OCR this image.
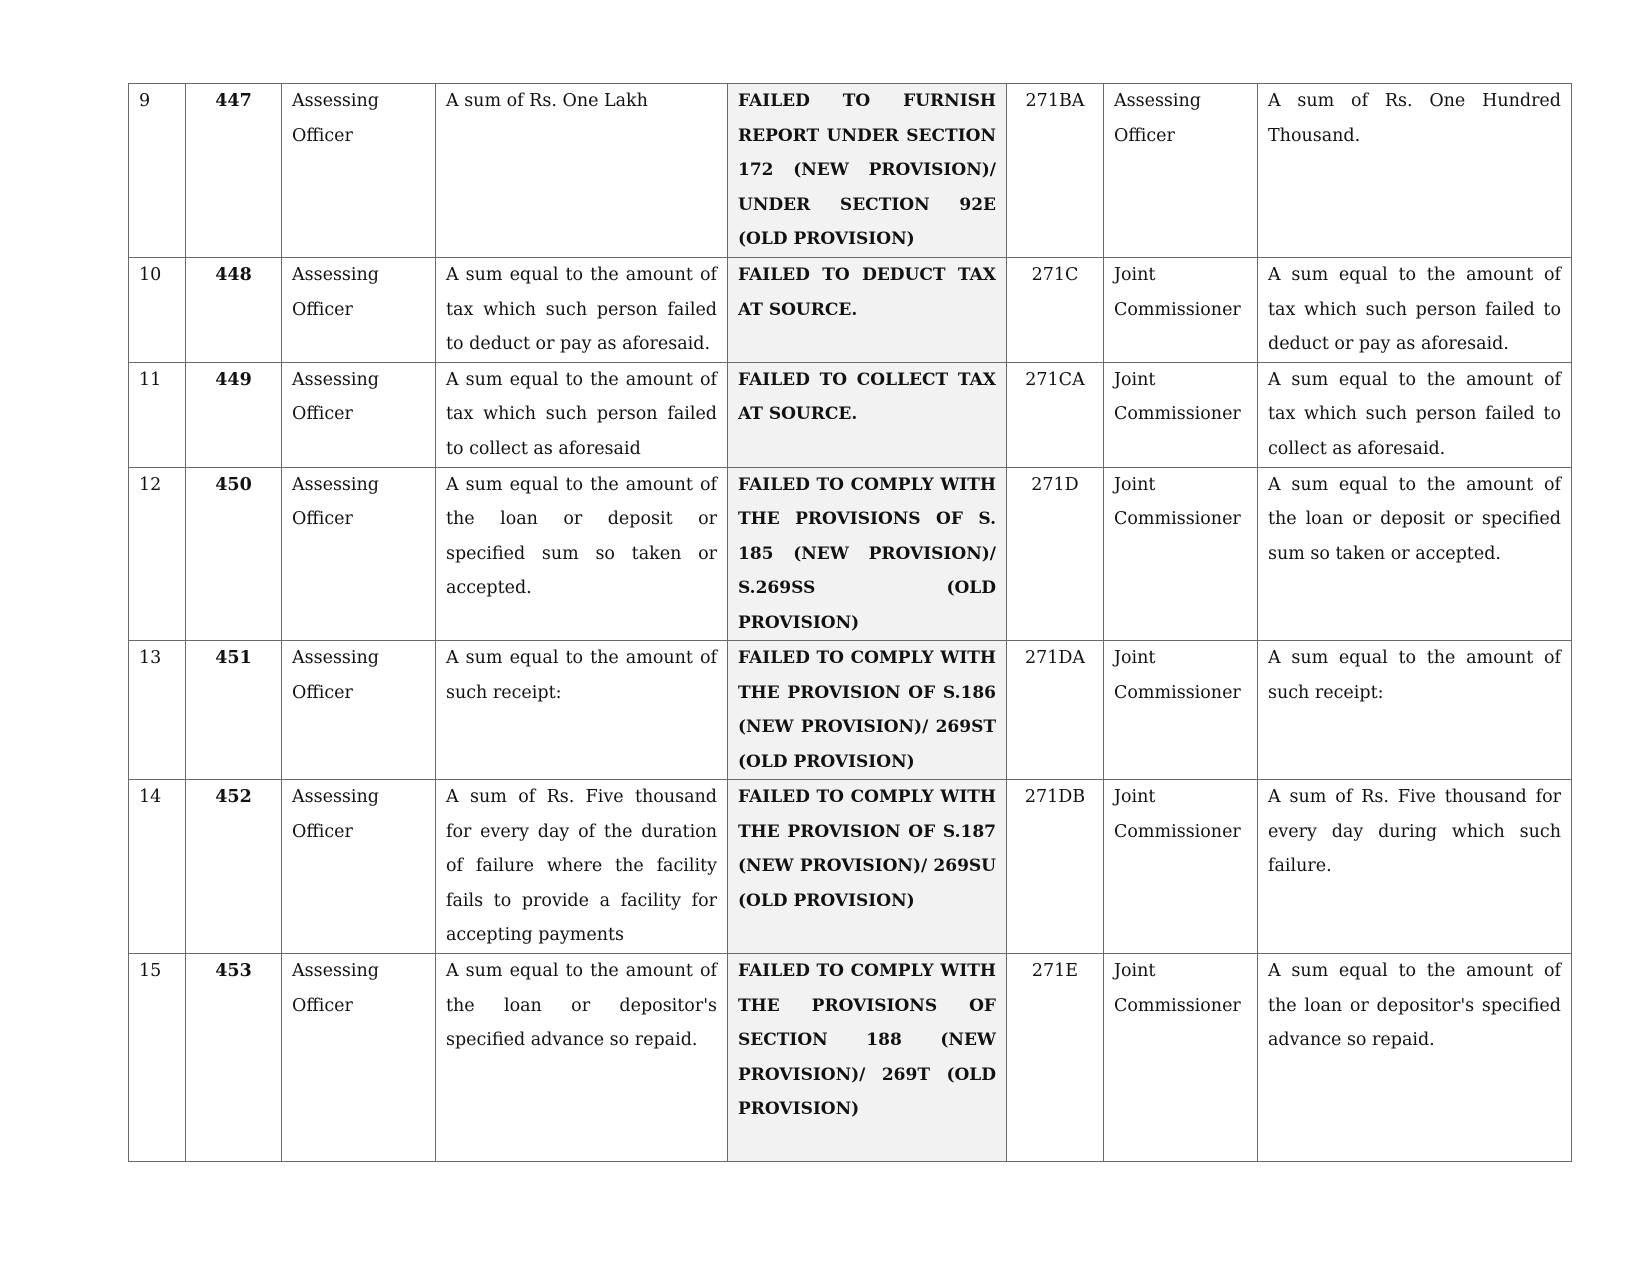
9	447	Assessing Officer	A sum of Rs. One Lakh	FAILED TO FURNISH REPORT UNDER SECTION 172 (NEW PROVISION)/ UNDER SECTION 92E (OLD PROVISION)	271BA	Assessing Officer	A sum of Rs. One Hundred Thousand.
10	448	Assessing Officer	A sum equal to the amount of tax which such person failed to deduct or pay as aforesaid.	FAILED TO DEDUCT TAX AT SOURCE.	271C	Joint Commissioner	A sum equal to the amount of tax which such person failed to deduct or pay as aforesaid.
11	449	Assessing Officer	A sum equal to the amount of tax which such person failed to collect as aforesaid	FAILED TO COLLECT TAX AT SOURCE.	271CA	Joint Commissioner	A sum equal to the amount of tax which such person failed to collect as aforesaid.
12	450	Assessing Officer	A sum equal to the amount of the loan or deposit or specified sum so taken or accepted.	FAILED TO COMPLY WITH THE PROVISIONS OF S. 185 (NEW PROVISION)/ S.269SS (OLD PROVISION)	271D	Joint Commissioner	A sum equal to the amount of the loan or deposit or specified sum so taken or accepted.
13	451	Assessing Officer	A sum equal to the amount of such receipt:	FAILED TO COMPLY WITH THE PROVISION OF S.186 (NEW PROVISION)/ 269ST (OLD PROVISION)	271DA	Joint Commissioner	A sum equal to the amount of such receipt:
14	452	Assessing Officer	A sum of Rs. Five thousand for every day of the duration of failure where the facility fails to provide a facility for accepting payments	FAILED TO COMPLY WITH THE PROVISION OF S.187 (NEW PROVISION)/ 269SU (OLD PROVISION)	271DB	Joint Commissioner	A sum of Rs. Five thousand for every day during which such failure.
15	453	Assessing Officer	A sum equal to the amount of the loan or depositor's specified advance so repaid.	FAILED TO COMPLY WITH THE PROVISIONS OF SECTION 188 (NEW PROVISION)/ 269T (OLD PROVISION)	271E	Joint Commissioner	A sum equal to the amount of the loan or depositor's specified advance so repaid.
